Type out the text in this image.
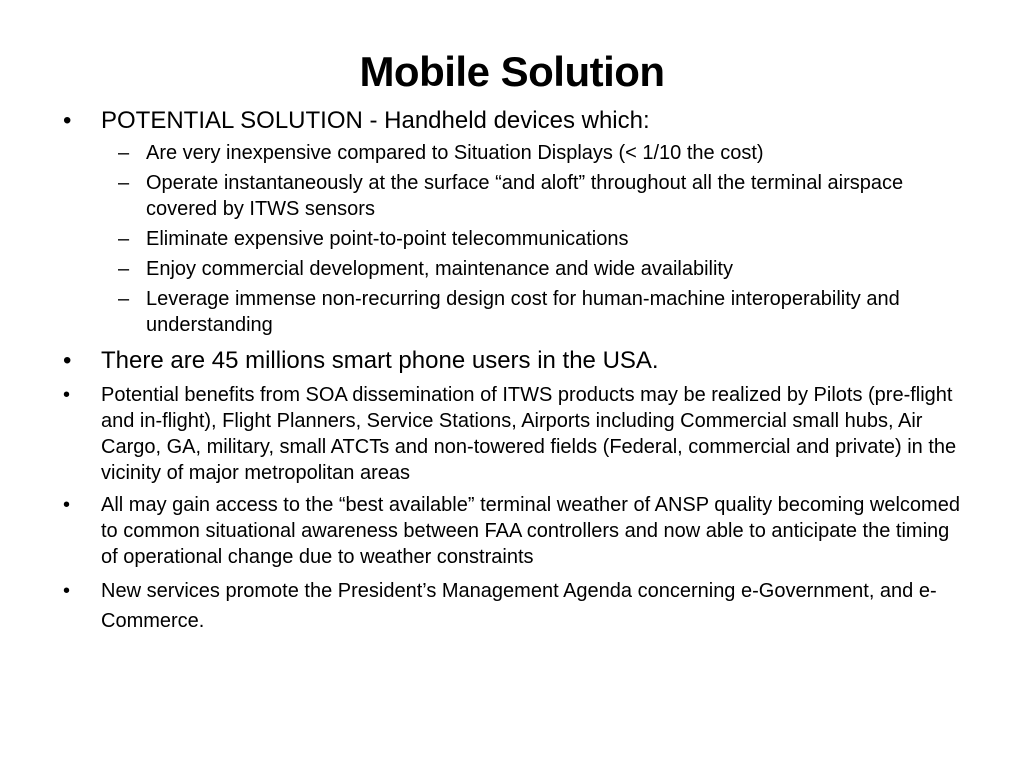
Mobile Solution
• POTENTIAL SOLUTION - Handheld devices which:
– Are very inexpensive compared to Situation Displays (< 1/10 the cost)
– Operate instantaneously at the surface “and aloft” throughout all the terminal airspace covered by ITWS sensors
– Eliminate expensive point-to-point telecommunications
– Enjoy commercial development, maintenance and wide availability
– Leverage immense non-recurring design cost for human-machine interoperability and understanding
• There are 45 millions smart phone users in the USA.
• Potential benefits from SOA dissemination of ITWS products may be realized by Pilots (pre-flight and in-flight), Flight Planners, Service Stations, Airports including Commercial small hubs, Air Cargo, GA, military, small ATCTs and non-towered fields (Federal, commercial and private) in the vicinity of major metropolitan areas
• All may gain access to the “best available” terminal weather of ANSP quality becoming welcomed to common situational awareness between FAA controllers and now able to anticipate the timing of operational change due to weather constraints
• New services promote the President’s Management Agenda concerning e-Government, and e-Commerce.
